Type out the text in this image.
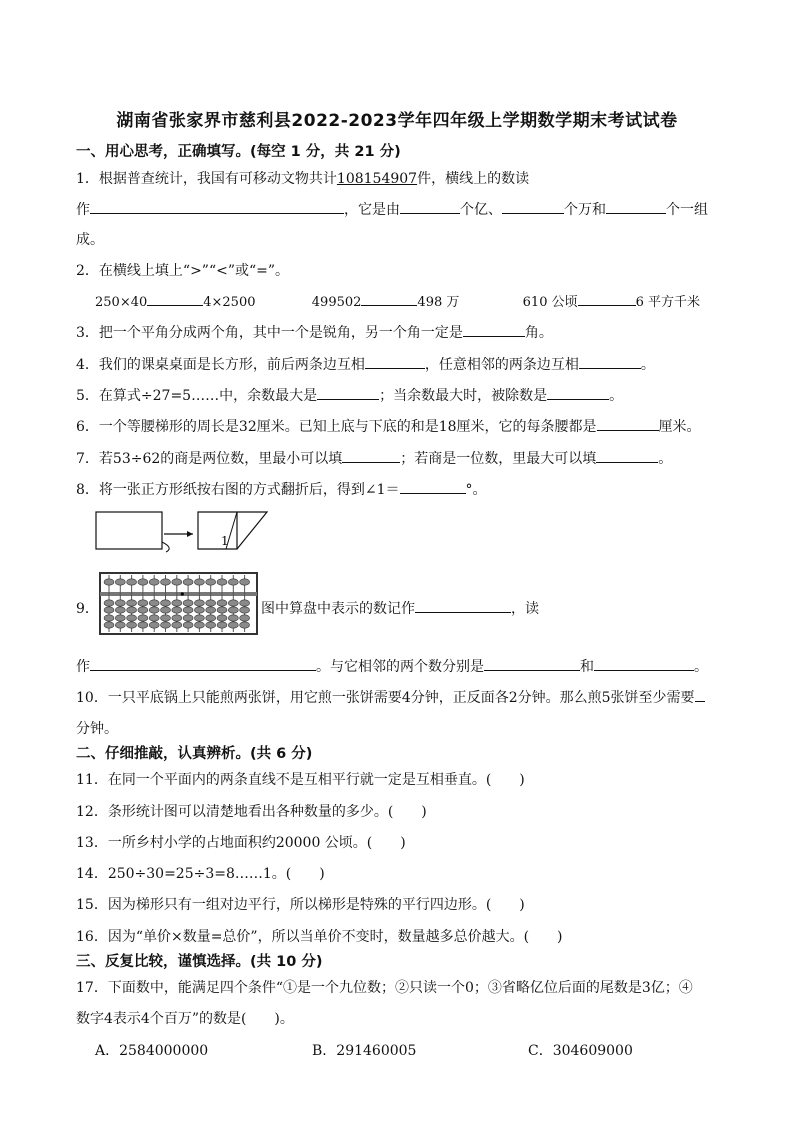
湖南省张家界市慈利县2022-2023学年四年级上学期数学期末考试试卷
一、用心思考，正确填写。(每空 1 分，共 21 分)
1．根据普查统计，我国有可移动文物共计108154907件，横线上的数读
作	，它是由	个亿、	个万和	个一组
成。
2．在横线上填上“>”“<”或“=”。
250×40	4×2500	499502	498 万	610 公顷	6 平方千米
3．把一个平角分成两个角，其中一个是锐角，另一个角一定是	角。
4．我们的课桌桌面是长方形，前后两条边互相	，任意相邻的两条边互相	。
5．在算式÷27=5……中，余数最大是	；当余数最大时，被除数是	。
6．一个等腰梯形的周长是32厘米。已知上底与下底的和是18厘米，它的每条腰都是	厘米。
7．若53÷62的商是两位数，里最小可以填	；若商是一位数，里最大可以填	。
8．将一张正方形纸按右图的方式翻折后，得到∠1＝	°。
1
9．	图中算盘中表示的数记作	，读
作	。与它相邻的两个数分别是	和	。
10．一只平底锅上只能煎两张饼，用它煎一张饼需要4分钟，正反面各2分钟。那么煎5张饼至少需要
分钟。
二、仔细推敲，认真辨析。(共 6 分)
11．在同一个平面内的两条直线不是互相平行就一定是互相垂直。(　　)
12．条形统计图可以清楚地看出各种数量的多少。(　　)
13．一所乡村小学的占地面积约20000 公顷。(　　)
14．250÷30=25÷3=8……1。(　　)
15．因为梯形只有一组对边平行，所以梯形是特殊的平行四边形。(　　)
16．因为“单价×数量=总价”，所以当单价不变时，数量越多总价越大。(　　)
三、反复比较，谨慎选择。(共 10 分)
17．下面数中，能满足四个条件“①是一个九位数；②只读一个0；③省略亿位后面的尾数是3亿；④
数字4表示4个百万”的数是(　　)。
A．2584000000	B．291460005	C．304609000
